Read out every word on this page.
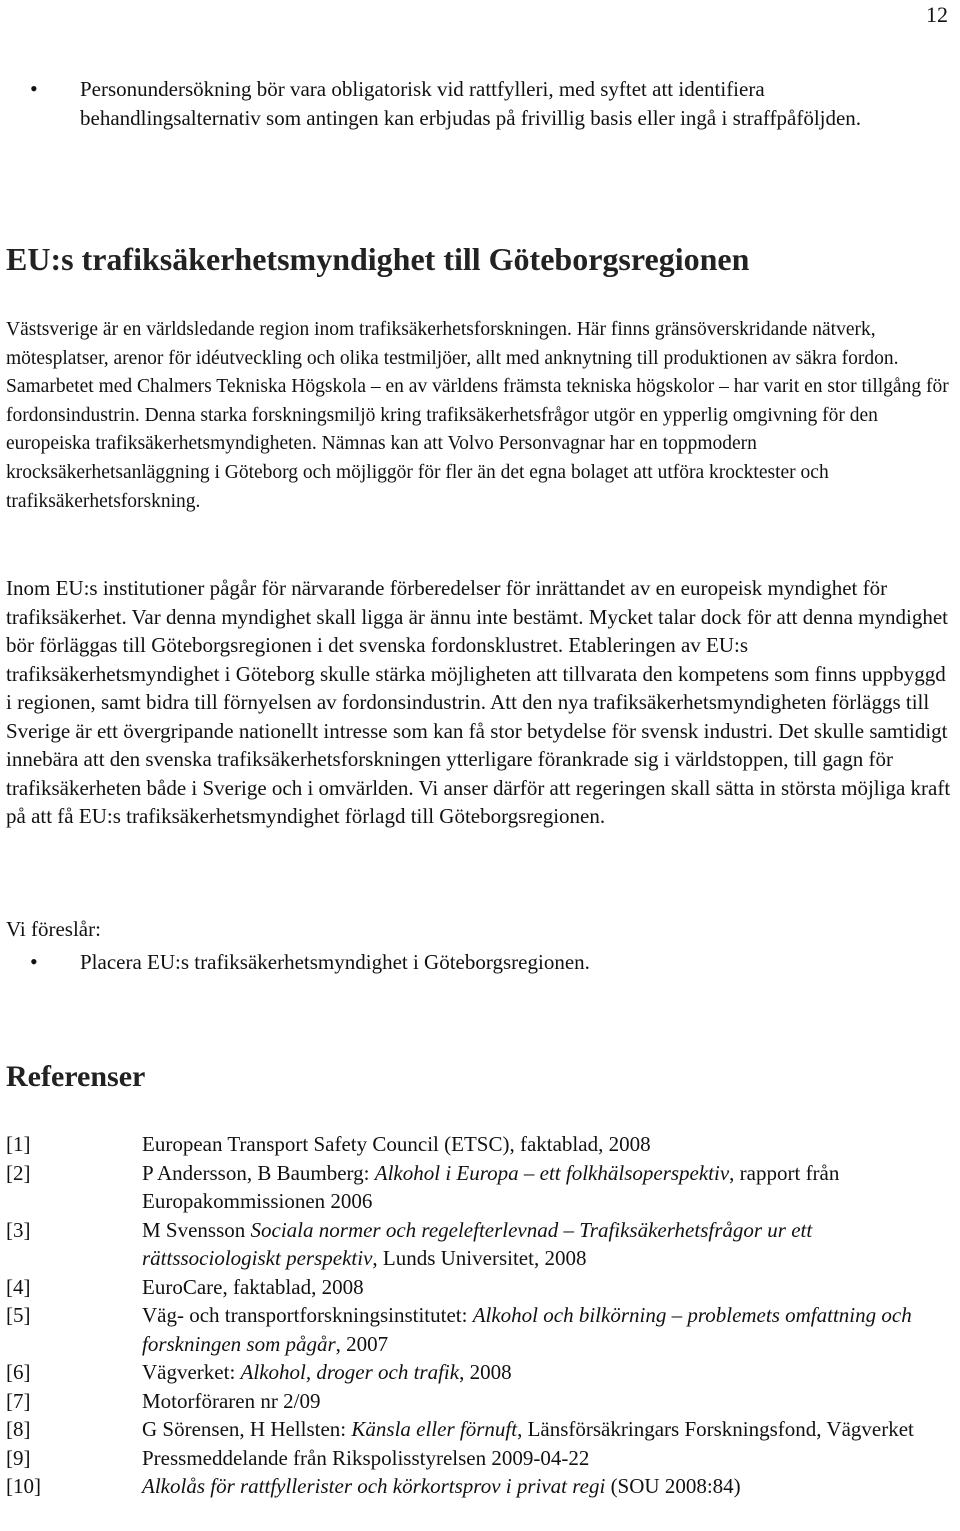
12
• Personundersökning bör vara obligatorisk vid rattfylleri, med syftet att identifiera behandlingsalternativ som antingen kan erbjudas på frivillig basis eller ingå i straffpåföljden.
EU:s trafiksäkerhetsmyndighet till Göteborgsregionen
Västsverige är en världsledande region inom trafiksäkerhetsforskningen. Här finns gränsöverskridande nätverk, mötesplatser, arenor för idéutveckling och olika testmiljöer, allt med anknytning till produktionen av säkra fordon. Samarbetet med Chalmers Tekniska Högskola – en av världens främsta tekniska högskolor – har varit en stor tillgång för fordonsindustrin. Denna starka forskningsmiljö kring trafiksäkerhetsfrågor utgör en ypperlig omgivning för den europeiska trafiksäkerhetsmyndigheten. Nämnas kan att Volvo Personvagnar har en toppmodern krocksäkerhetsanläggning i Göteborg och möjliggör för fler än det egna bolaget att utföra krocktester och trafiksäkerhetsforskning.
Inom EU:s institutioner pågår för närvarande förberedelser för inrättandet av en europeisk myndighet för trafiksäkerhet. Var denna myndighet skall ligga är ännu inte bestämt. Mycket talar dock för att denna myndighet bör förläggas till Göteborgsregionen i det svenska fordonsklustret. Etableringen av EU:s trafiksäkerhetsmyndighet i Göteborg skulle stärka möjligheten att tillvarata den kompetens som finns uppbyggd i regionen, samt bidra till förnyelsen av fordonsindustrin. Att den nya trafiksäkerhetsmyndigheten förläggs till Sverige är ett övergripande nationellt intresse som kan få stor betydelse för svensk industri. Det skulle samtidigt innebära att den svenska trafiksäkerhetsforskningen ytterligare förankrade sig i världstoppen, till gagn för trafiksäkerheten både i Sverige och i omvärlden. Vi anser därför att regeringen skall sätta in största möjliga kraft på att få EU:s trafiksäkerhetsmyndighet förlagd till Göteborgsregionen.
Vi föreslår:
• Placera EU:s trafiksäkerhetsmyndighet i Göteborgsregionen.
Referenser
[1]	European Transport Safety Council (ETSC), faktablad, 2008
[2]	P Andersson, B Baumberg: Alkohol i Europa – ett folkhälsoperspektiv, rapport från Europakommissionen 2006
[3]	M Svensson Sociala normer och regelefterlevnad – Trafiksäkerhetsfrågor ur ett rättssociologiskt perspektiv, Lunds Universitet, 2008
[4]	EuroCare, faktablad, 2008
[5]	Väg- och transportforskningsinstitutet: Alkohol och bilkörning – problemets omfattning och forskningen som pågår, 2007
[6]	Vägverket: Alkohol, droger och trafik, 2008
[7]	Motorföraren nr 2/09
[8]	G Sörensen, H Hellsten: Känsla eller förnuft, Länsförsäkringars Forskningsfond, Vägverket
[9]	Pressmeddelande från Rikspolisstyrelsen 2009-04-22
[10]	Alkolås för rattfyllerister och körkortsprov i privat regi (SOU 2008:84)
